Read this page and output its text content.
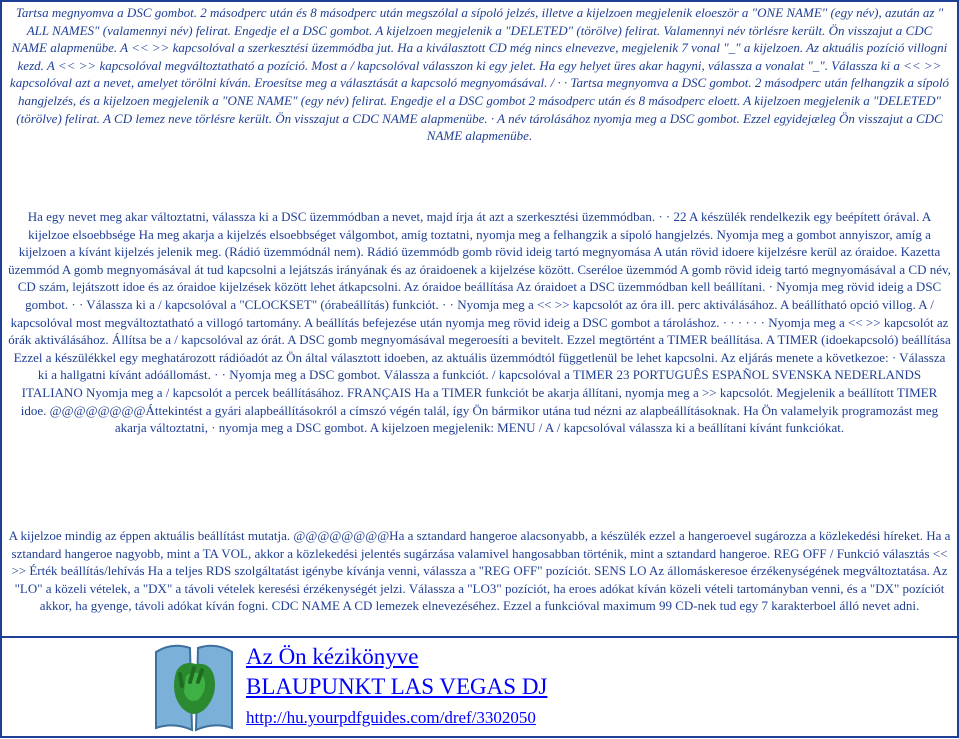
Tartsa megnyomva a DSC gombot. 2 másodperc után és 8 másodperc után megszólal a sípoló jelzés, illetve a kijelzoen megjelenik eloeször a "ONE NAME" (egy név), azután az " ALL NAMES" (valamennyi név) felirat. Engedje el a DSC gombot. A kijelzoen megjelenik a "DELETED" (törölve) felirat. Valamennyi név törlésre került. Ön visszajut a CDC NAME alapmenübe. A << >> kapcsolóval a szerkesztési üzemmódba jut. Ha a kiválasztott CD még nincs elnevezve, megjelenik 7 vonal "_" a kijelzoen. Az aktuális pozíció villogni kezd. A << >> kapcsolóval megváltoztatható a pozíció. Most a / kapcsolóval válasszon ki egy jelet. Ha egy helyet üres akar hagyni, válassza a vonalat "_". Válassza ki a << >> kapcsolóval azt a nevet, amelyet törölni kíván. Eroesítse meg a választását a kapcsoló megnyomásával. / · · Tartsa megnyomva a DSC gombot. 2 másodperc után felhangzik a sípoló hangjelzés, és a kijelzoen megjelenik a "ONE NAME" (egy név) felirat. Engedje el a DSC gombot 2 másodperc után és 8 másodperc eloett. A kijelzoen megjelenik a "DELETED" (törölve) felirat. A CD lemez neve törlésre került. Ön visszajut a CDC NAME alapmenübe. · A név tárolásához nyomja meg a DSC gombot. Ezzel egyidejæleg Ön visszajut a CDC NAME alapmenübe.

Ha egy nevet meg akar változtatni, válassza ki a DSC üzemmódban a nevet, majd írja át azt a szerkesztési üzemmódban. · · 22 A készülék rendelkezik egy beépített órával. A kijelzoe elsoebbsége Ha meg akarja a kijelzés elsoebbséget válgombot, amíg toztatni, nyomja meg a felhangzik a sípoló hangjelzés. Nyomja meg a gombot annyiszor, amíg a kijelzoen a kívánt kijelzés jelenik meg. (Rádió üzemmódnál nem). Rádió üzemmódb gomb rövid ideig tartó megnyomása A után rövid idoere kijelzésre kerül az óraidoe. Kazetta üzemmód A gomb megnyomásával át tud kapcsolni a lejátszás irányának és az óraidoenek a kijelzése között. Cseréloe üzemmód A gomb rövid ideig tartó megnyomásával a CD név, CD szám, lejátszott idoe és az óraidoe kijelzések között lehet átkapcsolni. Az óraidoe beállítása Az óraidoet a DSC üzemmódban kell beállítani. · Nyomja meg rövid ideig a DSC gombot. · · Válassza ki a / kapcsolóval a "CLOCKSET" (órabeállítás) funkciót. · · Nyomja meg a << >> kapcsolót az óra ill. perc aktiválásához. A beállítható opció villog. A / kapcsolóval most megváltoztatható a villogó tartomány. A beállítás befejezése után nyomja meg rövid ideig a DSC gombot a tároláshoz. · · · · · · Nyomja meg a << >> kapcsolót az órák aktiválásához. Állítsa be a / kapcsolóval az órát. A DSC gomb megnyomásával megeroesíti a bevitelt. Ezzel megtörtént a TIMER beállítása. A TIMER (idoekapcsoló) beállítása Ezzel a készülékkel egy meghatározott rádióadót az Ön által választott idoeben, az aktuális üzemmódtól függetlenül be lehet kapcsolni. Az eljárás menete a következoe: · Válassza ki a hallgatni kívánt adóállomást. · · Nyomja meg a DSC gombot. Válassza a funkciót. / kapcsolóval a TIMER 23 PORTUGUÊS ESPAÑOL SVENSKA NEDERLANDS ITALIANO Nyomja meg a / kapcsolót a percek beállításához. FRANÇAIS Ha a TIMER funkciót be akarja állítani, nyomja meg a >> kapcsolót. Megjelenik a beállított TIMER idoe. @@@@@@@@Áttekintést a gyári alapbeállításokról a címszó végén talál, így Ön bármikor utána tud nézni az alapbeállításoknak. Ha Ön valamelyik programozást meg akarja változtatni, · nyomja meg a DSC gombot. A kijelzoen megjelenik: MENU / A / kapcsolóval válassza ki a beállítani kívánt funkciókat.

A kijelzoe mindig az éppen aktuális beállítást mutatja. @@@@@@@@Ha a sztandard hangeroe alacsonyabb, a készülék ezzel a hangeroevel sugározza a közlekedési híreket. Ha a sztandard hangeroe nagyobb, mint a TA VOL, akkor a közlekedési jelentés sugárzása valamivel hangosabban történik, mint a sztandard hangeroe. REG OFF / Funkció választás << >> Érték beállítás/lehívás Ha a teljes RDS szolgáltatást igénybe kívánja venni, válassza a "REG OFF" pozíciót. SENS LO Az állomáskeresoe érzékenységének megváltoztatása. Az "LO" a közeli vételek, a "DX" a távoli vételek keresési érzékenységét jelzi. Válassza a "LO3" pozíciót, ha eroes adókat kíván közeli vételi tartományban venni, és a "DX" pozíciót akkor, ha gyenge, távoli adókat kíván fogni. CDC NAME A CD lemezek elnevezéséhez. Ezzel a funkcióval maximum 99 CD-nek tud egy 7 karakterboel álló nevet adni.

Az Ön kézikönyve
BLAUPUNKT LAS VEGAS DJ
http://hu.yourpdfguides.com/dref/3302050
